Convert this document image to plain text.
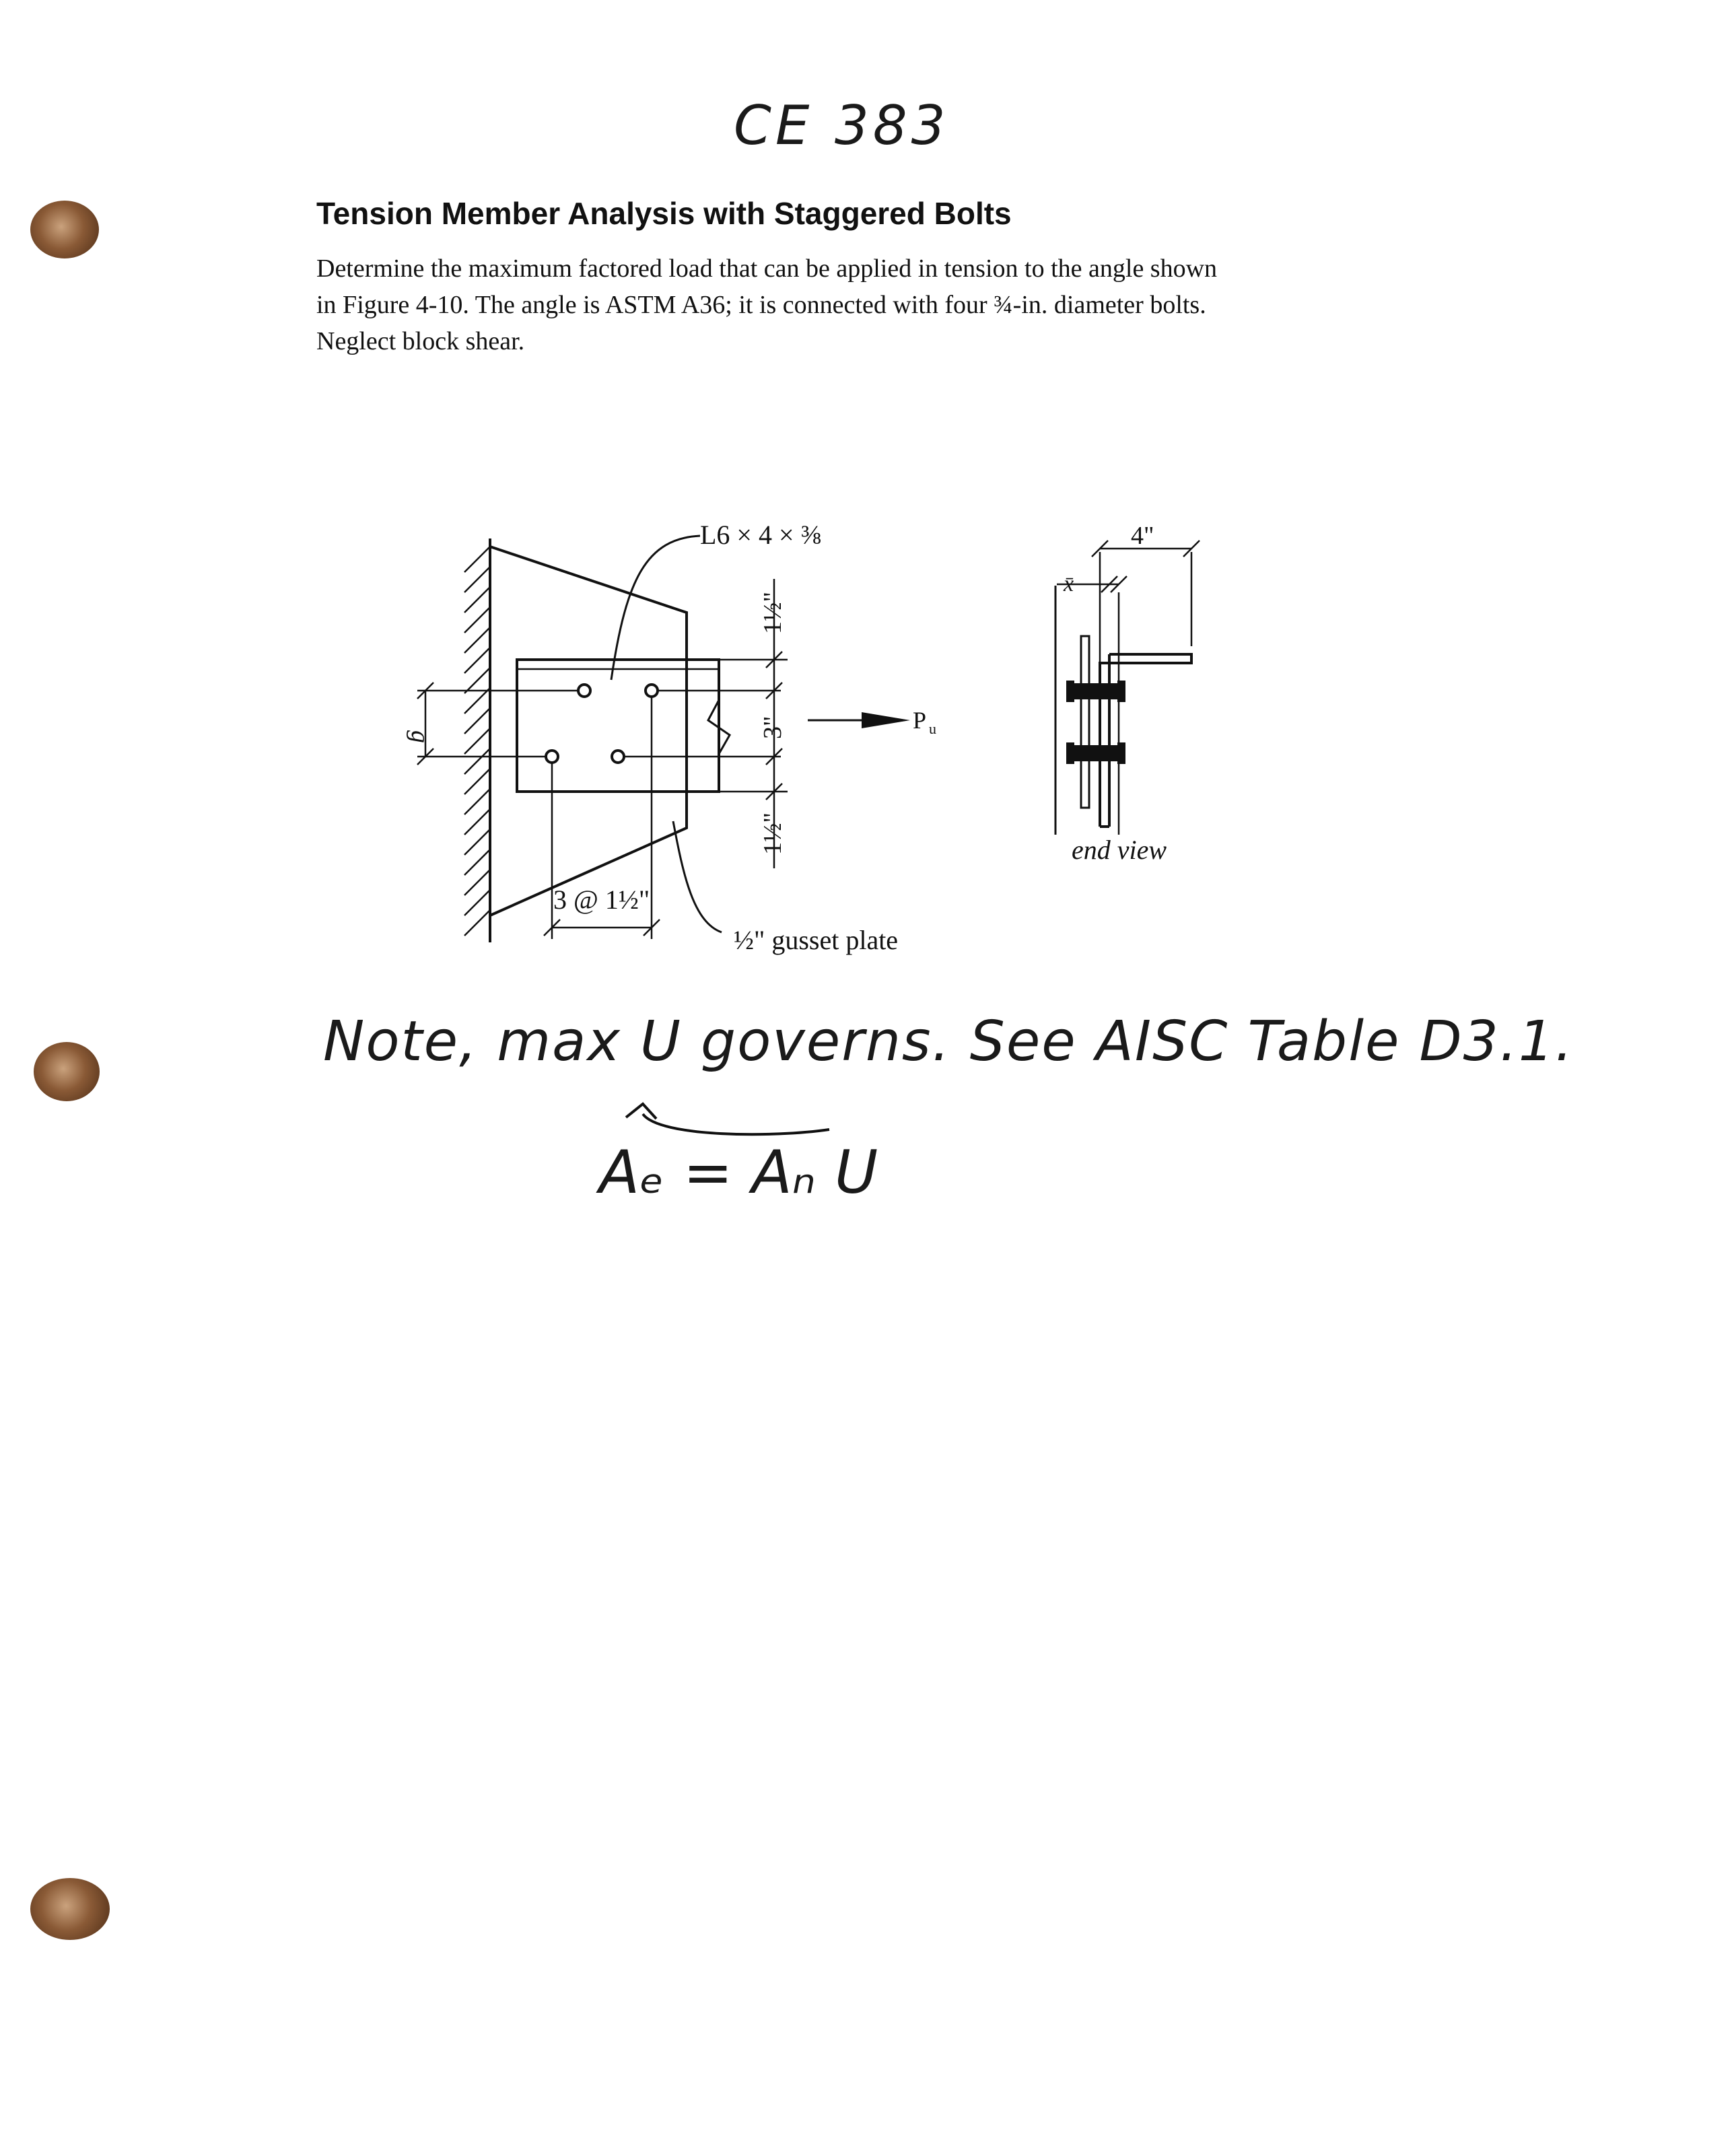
CE 383
Tension Member Analysis with Staggered Bolts
Determine the maximum factored load that can be applied in tension to the angle shown
in Figure 4-10. The angle is ASTM A36; it is connected with four ¾-in. diameter bolts.
Neglect block shear.
L6 × 4 × ⅜
g
1½"
3"
1½"
3 @ 1½"
P u
½" gusset plate
4"
x̄
end view
Note, max U governs. See AISC Table D3.1.
Aₑ = Aₙ U
